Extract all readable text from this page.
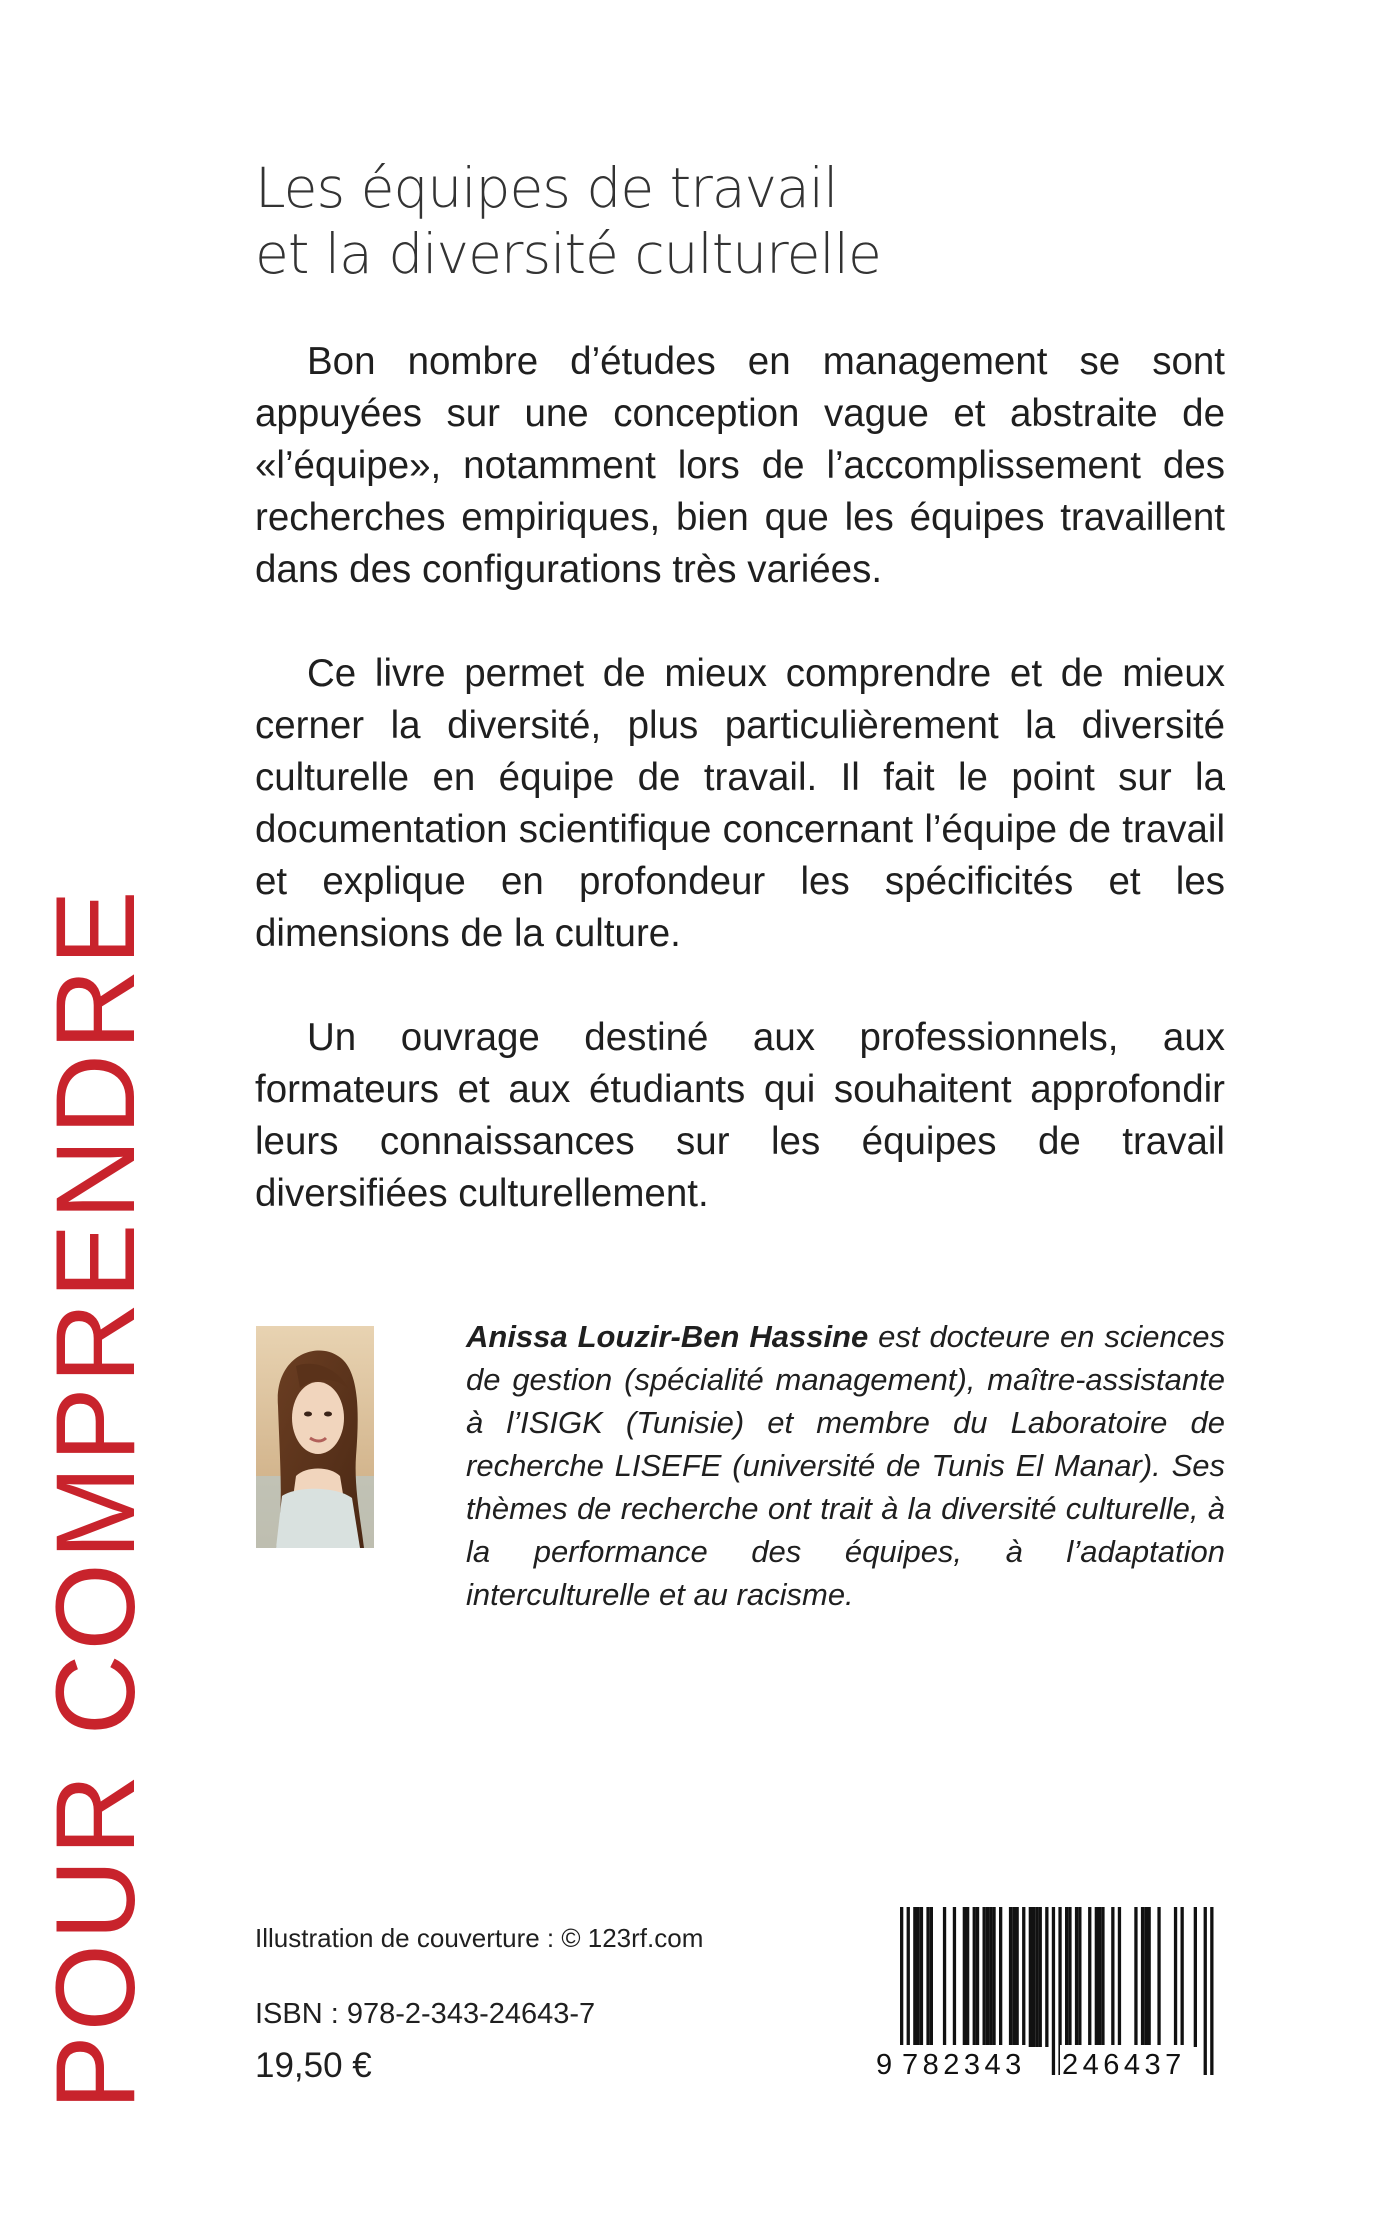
Les équipes de travail
et la diversité culturelle

Bon nombre d’études en management se sont appuyées sur une conception vague et abstraite de «l’équipe», notamment lors de l’accomplissement des recherches empiriques, bien que les équipes travaillent dans des configurations très variées.

Ce livre permet de mieux comprendre et de mieux cerner la diversité, plus particulièrement la diversité culturelle en équipe de travail. Il fait le point sur la documentation scientifique concernant l’équipe de travail et explique en profondeur les spécificités et les dimensions de la culture.

Un ouvrage destiné aux professionnels, aux formateurs et aux étudiants qui souhaitent approfondir leurs connaissances sur les équipes de travail diversifiées culturellement.

POUR COMPRENDRE	Anissa Louzir-Ben Hassine est docteure en sciences de gestion (spécialité management), maître-assistante à l’ISIGK (Tunisie) et membre du Laboratoire de recherche LISEFE (université de Tunis El Manar). Ses thèmes de recherche ont trait à la diversité culturelle, à la performance des équipes, à l’adaptation interculturelle et au racisme.

Illustration de couverture : © 123rf.com
ISBN : 978-2-343-24643-7
19,50 €	9 782343 246437
